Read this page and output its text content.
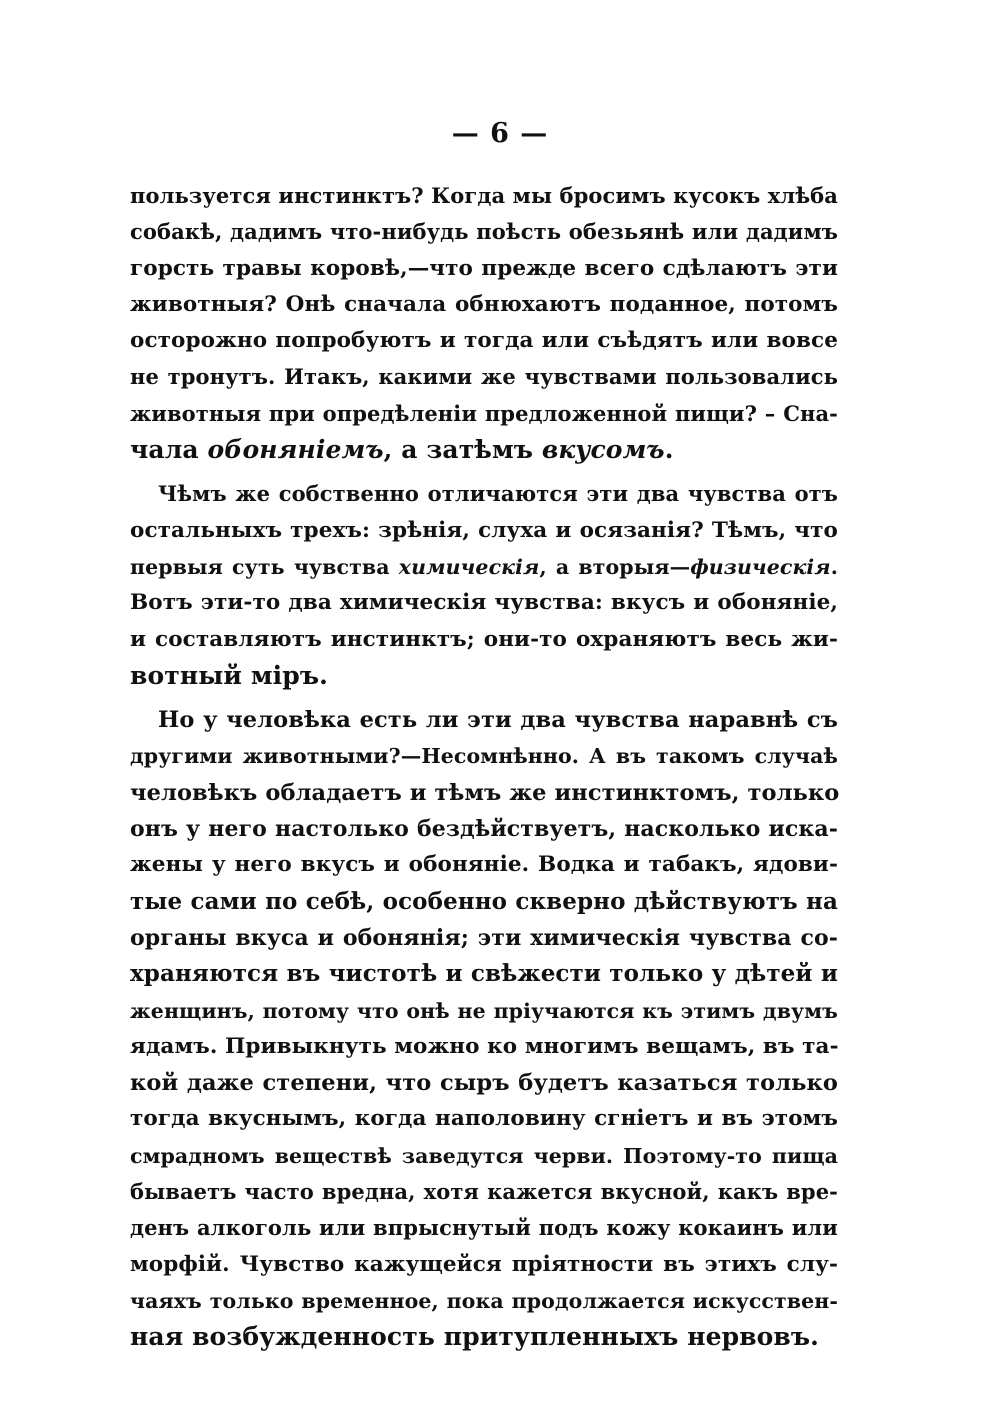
— 6 —
пользуется инстинктъ? Когда мы бросимъ кусокъ хлѣба
собакѣ, дадимъ что-нибудь поѣсть обезьянѣ или дадимъ
горсть травы коровѣ,—что прежде всего сдѣлаютъ эти
животныя? Онѣ сначала обнюхаютъ поданное, потомъ
осторожно попробуютъ и тогда или съѣдятъ или вовсе
не тронутъ. Итакъ, какими же чувствами пользовались
животныя при опредѣленіи предложенной пищи? – Сна-
чала обоняніемъ, а затѣмъ вкусомъ.
Чѣмъ же собственно отличаются эти два чувства отъ
остальныхъ трехъ: зрѣнія, слуха и осязанія? Тѣмъ, что
первыя суть чувства химическія, а вторыя—физическія.
Вотъ эти-то два химическія чувства: вкусъ и обоняніе,
и составляютъ инстинктъ; они-то охраняютъ весь жи-
вотный міръ.
Но у человѣка есть ли эти два чувства наравнѣ съ
другими животными?—Несомнѣнно. А въ такомъ случаѣ
человѣкъ обладаетъ и тѣмъ же инстинктомъ, только
онъ у него настолько бездѣйствуетъ, насколько иска-
жены у него вкусъ и обоняніе. Водка и табакъ, ядови-
тые сами по себѣ, особенно скверно дѣйствуютъ на
органы вкуса и обонянія; эти химическія чувства со-
храняются въ чистотѣ и свѣжести только у дѣтей и
женщинъ, потому что онѣ не пріучаются къ этимъ двумъ
ядамъ. Привыкнуть можно ко многимъ вещамъ, въ та-
кой даже степени, что сыръ будетъ казаться только
тогда вкуснымъ, когда наполовину сгніетъ и въ этомъ
смрадномъ веществѣ заведутся черви. Поэтому-то пища
бываетъ часто вредна, хотя кажется вкусной, какъ вре-
денъ алкоголь или впрыснутый подъ кожу кокаинъ или
морфій. Чувство кажущейся пріятности въ этихъ слу-
чаяхъ только временное, пока продолжается искусствен-
ная возбужденность притупленныхъ нервовъ.
